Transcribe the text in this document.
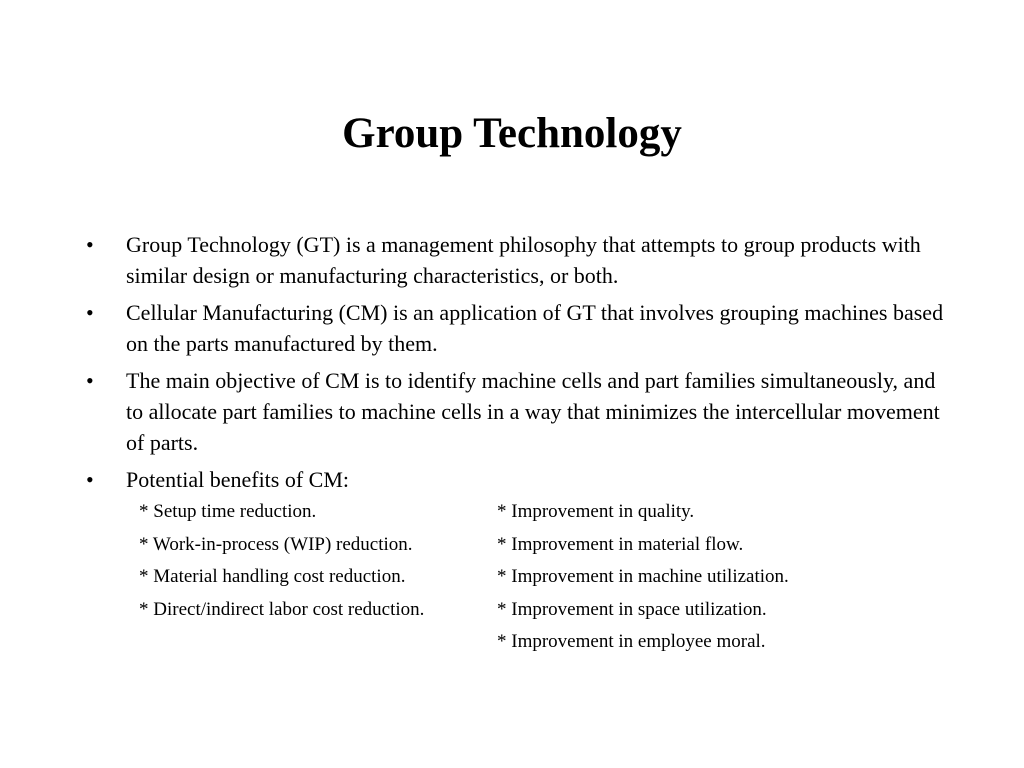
Group Technology
•	Group Technology (GT) is a management philosophy that attempts to group products with similar design or manufacturing characteristics, or both.
•	Cellular Manufacturing (CM) is an application of GT that involves grouping machines based on the parts manufactured by them.
•	The main objective of CM is to identify machine cells and part families simultaneously, and to allocate part families to machine cells in a way that minimizes the intercellular movement of parts.
•	Potential benefits of CM:
* Setup time reduction.
* Work-in-process (WIP) reduction.
* Material handling cost reduction.
* Direct/indirect labor cost reduction.
* Improvement in quality.
* Improvement in material flow.
* Improvement in machine utilization.
* Improvement in space utilization.
* Improvement in employee moral.
